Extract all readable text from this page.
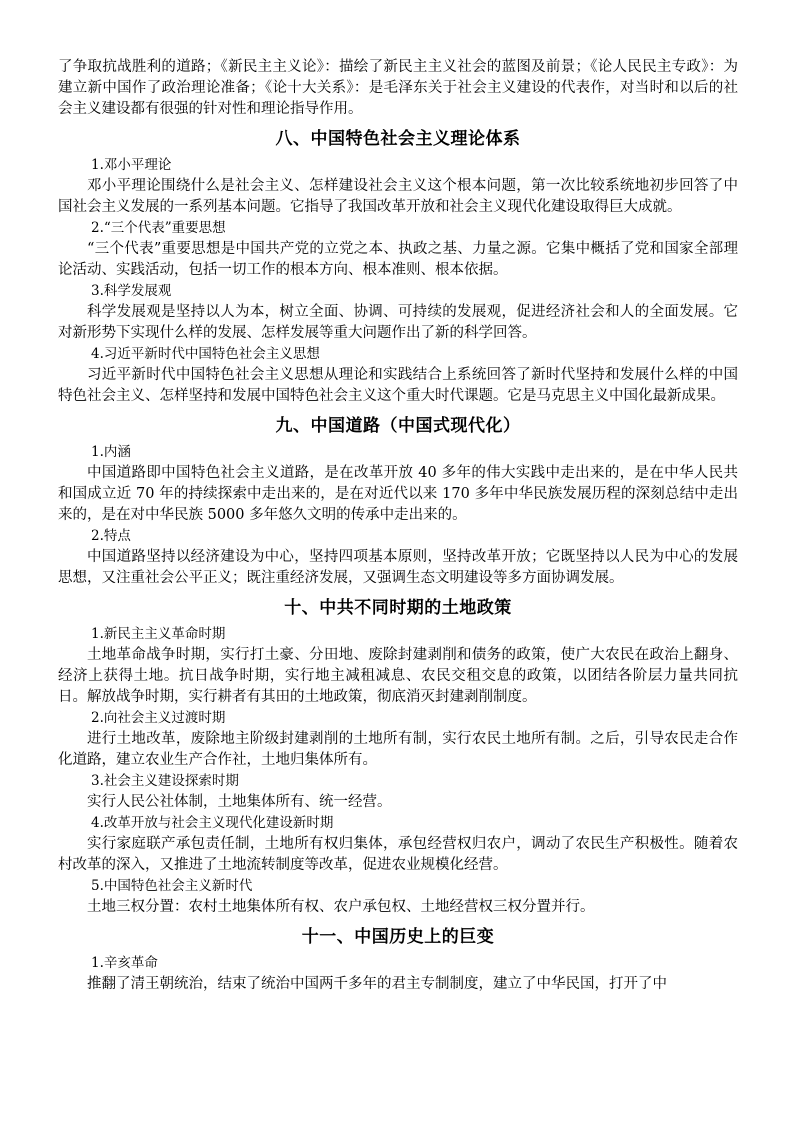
了争取抗战胜利的道路；《新民主主义论》：描绘了新民主主义社会的蓝图及前景；《论人民民主专政》：为建立新中国作了政治理论准备；《论十大关系》：是毛泽东关于社会主义建设的代表作，对当时和以后的社会主义建设都有很强的针对性和理论指导作用。

八、中国特色社会主义理论体系

1.邓小平理论

邓小平理论围绕什么是社会主义、怎样建设社会主义这个根本问题，第一次比较系统地初步回答了中国社会主义发展的一系列基本问题。它指导了我国改革开放和社会主义现代化建设取得巨大成就。

2.“三个代表”重要思想

“三个代表”重要思想是中国共产党的立党之本、执政之基、力量之源。它集中概括了党和国家全部理论活动、实践活动，包括一切工作的根本方向、根本准则、根本依据。

3.科学发展观

科学发展观是坚持以人为本，树立全面、协调、可持续的发展观，促进经济社会和人的全面发展。它对新形势下实现什么样的发展、怎样发展等重大问题作出了新的科学回答。

4.习近平新时代中国特色社会主义思想

习近平新时代中国特色社会主义思想从理论和实践结合上系统回答了新时代坚持和发展什么样的中国特色社会主义、怎样坚持和发展中国特色社会主义这个重大时代课题。它是马克思主义中国化最新成果。

九、中国道路（中国式现代化）

1.内涵

中国道路即中国特色社会主义道路，是在改革开放 40 多年的伟大实践中走出来的，是在中华人民共和国成立近 70 年的持续探索中走出来的，是在对近代以来 170 多年中华民族发展历程的深刻总结中走出来的，是在对中华民族 5000 多年悠久文明的传承中走出来的。

2.特点

中国道路坚持以经济建设为中心，坚持四项基本原则，坚持改革开放；它既坚持以人民为中心的发展思想，又注重社会公平正义；既注重经济发展，又强调生态文明建设等多方面协调发展。

十、中共不同时期的土地政策

1.新民主主义革命时期

土地革命战争时期，实行打土豪、分田地、废除封建剥削和债务的政策，使广大农民在政治上翻身、经济上获得土地。抗日战争时期，实行地主减租减息、农民交租交息的政策，以团结各阶层力量共同抗日。解放战争时期，实行耕者有其田的土地政策，彻底消灭封建剥削制度。

2.向社会主义过渡时期

进行土地改革，废除地主阶级封建剥削的土地所有制，实行农民土地所有制。之后，引导农民走合作化道路，建立农业生产合作社，土地归集体所有。

3.社会主义建设探索时期

实行人民公社体制，土地集体所有、统一经营。

4.改革开放与社会主义现代化建设新时期

实行家庭联产承包责任制，土地所有权归集体，承包经营权归农户，调动了农民生产积极性。随着农村改革的深入，又推进了土地流转制度等改革，促进农业规模化经营。

5.中国特色社会主义新时代

土地三权分置：农村土地集体所有权、农户承包权、土地经营权三权分置并行。

十一、中国历史上的巨变

1.辛亥革命

推翻了清王朝统治，结束了统治中国两千多年的君主专制制度，建立了中华民国，打开了中
